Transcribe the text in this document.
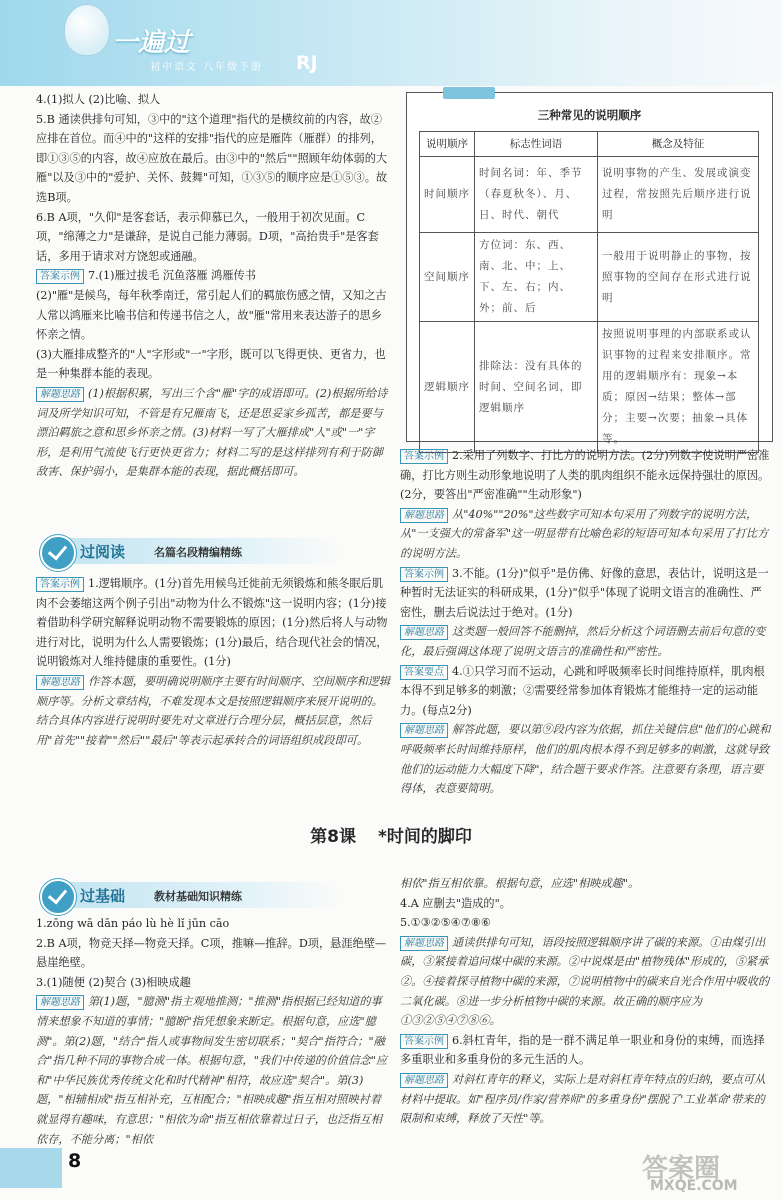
一遍过
初中语文 八年级下册 RJ

4.(1)拟人 (2)比喻、拟人

5.B 通读供排句可知，③中的"这个道理"指代的是横纹前的内容，故②应排在首位。而④中的"这样的安排"指代的应是雁阵（雁群）的排列，即①③⑤的内容，故④应放在最后。由③中的"然后""照顾年幼体弱的大雁"以及③中的"爱护、关怀、鼓舞"可知，①③⑤的顺序应是①⑤③。故选B项。

6.B A项，"久仰"是客套话，表示仰慕已久，一般用于初次见面。C项，"绵薄之力"是谦辞，是说自己能力薄弱。D项，"高抬贵手"是客套话，多用于请求对方饶恕或通融。

答案示例 7.(1)雁过拔毛 沉鱼落雁 鸿雁传书

(2)"雁"是候鸟，每年秋季南迁，常引起人们的羁旅伤感之情，又知之古人常以鸿雁来比喻书信和传递书信之人，故"雁"常用来表达游子的思乡怀亲之情。

(3)大雁排成整齐的"人"字形或"一"字形，既可以飞得更快、更省力，也是一种集群本能的表现。

解题思路 (1)根据积累，写出三个含"雁"字的成语即可。(2)根据所给诗词及所学知识可知，不管是有兄雁南飞，还是思妥家乡孤苦，都是要与漂泊羁旅之意和思乡怀亲之情。(3)材料一写了大雁排成"人"或"一"字形，是利用气流使飞行更快更省力；材料二写的是这样排列有利于防御敌害、保护弱小，是集群本能的表现，据此概括即可。

过阅读	名篇名段精编精练

答案示例 1.逻辑顺序。(1分)首先用候鸟迁徙前无须锻炼和熊冬眠后肌肉不会萎缩这两个例子引出"动物为什么不锻炼"这一说明内容；(1分)接着借助科学研究解释说明动物不需要锻炼的原因；(1分)然后将人与动物进行对比，说明为什么人需要锻炼；(1分)最后，结合现代社会的情况，说明锻炼对人维持健康的重要性。(1分)

解题思路 作答本题，要明确说明顺序主要有时间顺序、空间顺序和逻辑顺序等。分析文章结构，不难发现本文是按照逻辑顺序来展开说明的。结合具体内容进行说明时要先对文章进行合理分层，概括层意，然后用"首先""接着""然后""最后"等表示起承转合的词语组织成段即可。

三种常见的说明顺序
说明顺序	标志性词语	概念及特征
时间顺序	时间名词：年、季节（春夏秋冬）、月、日、时代、朝代	说明事物的产生、发展或演变过程，常按照先后顺序进行说明
空间顺序	方位词：东、西、南、北、中；上、下、左、右；内、外；前、后	一般用于说明静止的事物，按照事物的空间存在形式进行说明
逻辑顺序	排除法：没有具体的时间、空间名词，即逻辑顺序	按照说明事理的内部联系或认识事物的过程来安排顺序。常用的逻辑顺序有：现象→本质；原因→结果；整体→部分；主要→次要；抽象→具体等。

答案示例 2.采用了列数字、打比方的说明方法。(2分)列数字使说明严密准确，打比方则生动形象地说明了人类的肌肉组织不能永远保持强壮的原因。(2分，要答出"严密准确""生动形象")

解题思路 从"40%""20%"这些数字可知本句采用了列数字的说明方法，从"一支强大的常备军"这一明显带有比喻色彩的短语可知本句采用了打比方的说明方法。

答案示例 3.不能。(1分)"似乎"是仿佛、好像的意思，表估计，说明这是一种暂时无法证实的科研成果，(1分)"似乎"体现了说明文语言的准确性、严密性，删去后说法过于绝对。(1分)

解题思路 这类题一般回答不能删掉，然后分析这个词语删去前后句意的变化，最后强调这体现了说明文语言的准确性和严密性。

答案要点 4.①只学习而不运动，心跳和呼吸频率长时间维持原样，肌肉根本得不到足够多的刺激；②需要经常参加体育锻炼才能维持一定的运动能力。(每点2分)

解题思路 解答此题，要以第⑨段内容为依据，抓住关键信息"他们的心跳和呼吸频率长时间维持原样，他们的肌肉根本得不到足够多的刺激，这就导致他们的运动能力大幅度下降"，结合题干要求作答。注意要有条理，语言要得体，表意要简明。

第8课 *时间的脚印
过基础	教材基础知识精练

1.zōng wā dān páo lù hè lǐ jūn cāo

2.B A项，物竞天择—物竞天择。C项，推嘛—推辞。D项，悬涯绝壁—悬崖绝壁。

3.(1)随便 (2)契合 (3)相映成趣

解题思路 第(1)题，"臆测"指主观地推测；"推测"指根据已经知道的事情来想象不知道的事情；"臆断"指凭想象来断定。根据句意，应选"臆测"。第(2)题，"结合"指人或事物间发生密切联系；"契合"指符合；"融合"指几种不同的事物合成一体。根据句意，"我们中传递的价值信念"应和"中华民族优秀传统文化和时代精神"相符，故应选"契合"。第(3)题，"相辅相成"指互相补充，互相配合；"相映成趣"指互相对照映衬着就显得有趣味，有意思；"相依为命"指互相依靠着过日子，也泛指互相依存，不能分离；"相依

相依"指互相依靠。根据句意，应选"相映成趣"。

4.A 应删去"造成的"。

5.①③②⑤④⑦⑧⑥

解题思路 通读供排句可知，语段按照逻辑顺序讲了碳的来源。①由煤引出碳，③紧接着追问煤中碳的来源。②中说煤是由"植物残体"形成的，⑤紧承②。④接着探寻植物中碳的来源，⑦说明植物中的碳来自光合作用中吸收的二氧化碳。⑧进一步分析植物中碳的来源。故正确的顺序应为①③②⑤④⑦⑧⑥。

答案示例 6.斜杠青年，指的是一群不满足单一职业和身份的束缚，而选择多重职业和多重身份的多元生活的人。

解题思路 对斜杠青年的释义，实际上是对斜杠青年特点的归纳，要点可从材料中提取。如"程序员/作家/营养师"的多重身份"摆脱了'工业革命'带来的限制和束缚，释放了天性"等。

8	答案圈
MXQE.COM
